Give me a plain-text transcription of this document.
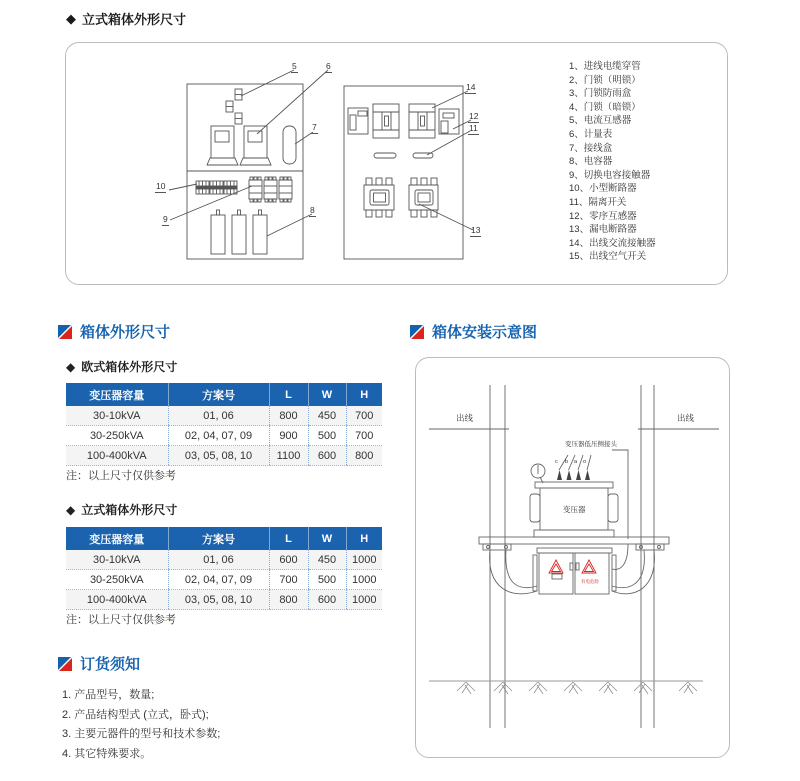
◆ 立式箱体外形尺寸
5	6
7
10
9
8
14
12
11
13
1、进线电缆穿管
2、门锁（明锁）
3、门锁防雨盒
4、门锁（暗锁）
5、电流互感器
6、计量表
7、接线盒
8、电容器
9、切换电容接触器
10、小型断路器
11、隔离开关
12、零序互感器
13、漏电断路器
14、出线交流接触器
15、出线空气开关
箱体外形尺寸	箱体安装示意图
◆ 欧式箱体外形尺寸
变压器容量	方案号	L	W	H
30-10kVA	01, 06	800	450	700
30-250kVA	02, 04, 07, 09	900	500	700
100-400kVA	03, 05, 08, 10	1100	600	800
注：以上尺寸仅供参考
◆ 立式箱体外形尺寸
变压器容量	方案号	L	W	H
30-10kVA	01, 06	600	450	1000
30-250kVA	02, 04, 07, 09	700	500	1000
100-400kVA	03, 05, 08, 10	800	600	1000
注：以上尺寸仅供参考
订货须知
1. 产品型号，数量;
2. 产品结构型式 (立式，卧式);
3. 主要元器件的型号和技术参数;
4. 其它特殊要求。
出线	出线
变压器低压侧接头
c b a o
变压器
有电危险
